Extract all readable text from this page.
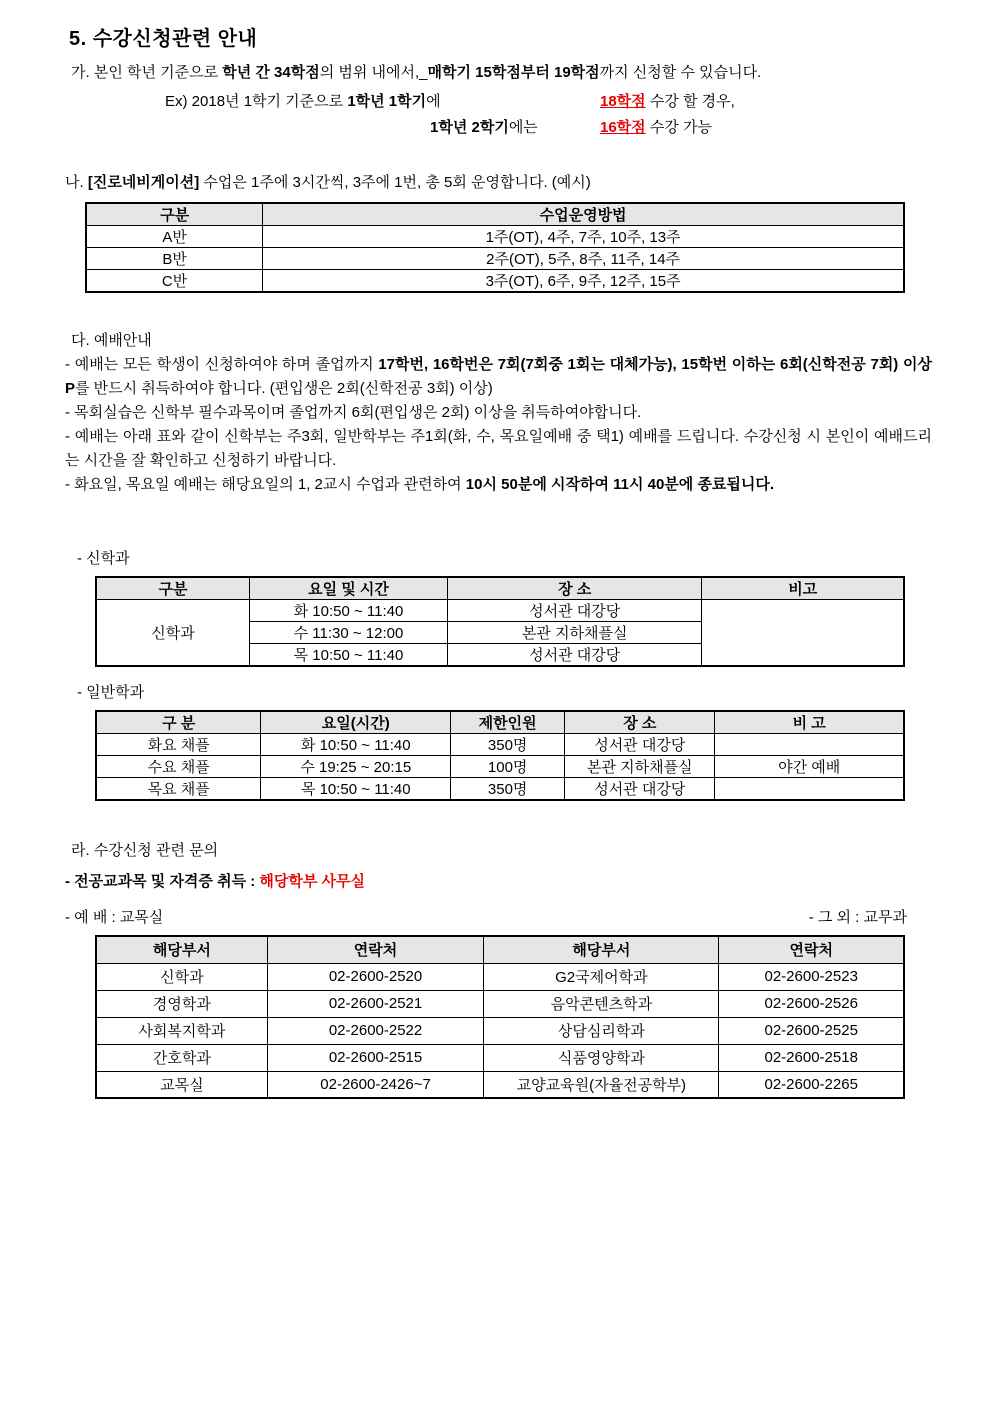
5. 수강신청관련 안내

가. 본인 학년 기준으로 학년 간 34학점의 범위 내에서,_매학기 15학점부터 19학점까지 신청할 수 있습니다.

Ex) 2018년 1학기 기준으로 1학년 1학기에	18학점 수강 할 경우,
1학년 2학기에는	16학점 수강 가능

나. [진로네비게이션] 수업은 1주에 3시간씩, 3주에 1번, 총 5회 운영합니다. (예시)

구분	수업운영방법
A반	1주(OT), 4주, 7주, 10주, 13주
B반	2주(OT), 5주, 8주, 11주, 14주
C반	3주(OT), 6주, 9주, 12주, 15주

다. 예배안내

- 예배는 모든 학생이 신청하여야 하며 졸업까지 17학번, 16학번은 7회(7회중 1회는 대체가능), 15학번 이하는 6회(신학전공 7회) 이상 P를 반드시 취득하여야 합니다. (편입생은 2회(신학전공 3회) 이상)

- 목회실습은 신학부 필수과목이며 졸업까지 6회(편입생은 2회) 이상을 취득하여야합니다.

- 예배는 아래 표와 같이 신학부는 주3회, 일반학부는 주1회(화, 수, 목요일예배 중 택1) 예배를 드립니다. 수강신청 시 본인이 예배드리는 시간을 잘 확인하고 신청하기 바랍니다.

- 화요일, 목요일 예배는 해당요일의 1, 2교시 수업과 관련하여 10시 50분에 시작하여 11시 40분에 종료됩니다.

- 신학과

구분	요일 및 시간	장 소	비고
신학과	화 10:50 ~ 11:40	성서관 대강당	
	수 11:30 ~ 12:00	본관 지하채플실	
	목 10:50 ~ 11:40	성서관 대강당	

- 일반학과

구 분	요일(시간)	제한인원	장 소	비 고
화요 채플	화 10:50 ~ 11:40	350명	성서관 대강당	
수요 채플	수 19:25 ~ 20:15	100명	본관 지하채플실	야간 예배
목요 채플	목 10:50 ~ 11:40	350명	성서관 대강당	

라. 수강신청 관련 문의

- 전공교과목 및 자격증 취득 : 해당학부 사무실

- 예 배 : 교목실	- 그 외 : 교무과
해당부서	연락처	해당부서	연락처
신학과	02-2600-2520	G2국제어학과	02-2600-2523
경영학과	02-2600-2521	음악콘텐츠학과	02-2600-2526
사회복지학과	02-2600-2522	상담심리학과	02-2600-2525
간호학과	02-2600-2515	식품영양학과	02-2600-2518
교목실	02-2600-2426~7	교양교육원(자율전공학부)	02-2600-2265
